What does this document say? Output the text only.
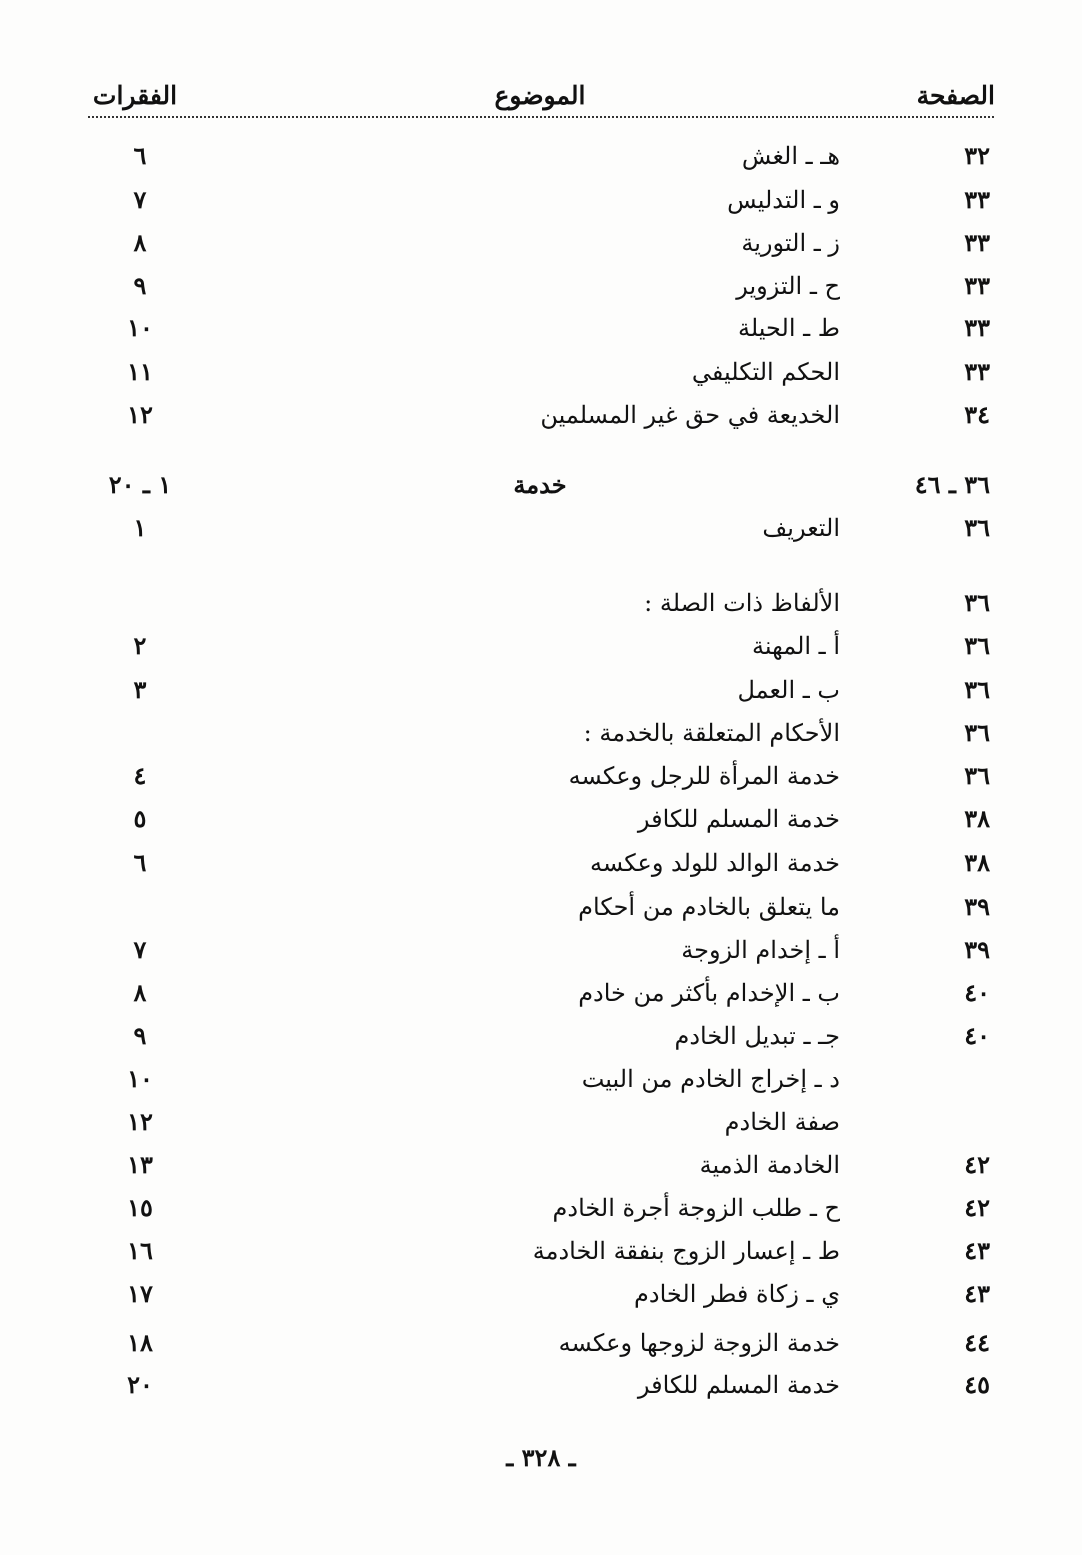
الصفحة
الموضوع
الفقرات
٣٢
هـ ـ الغش
٦
٣٣
و ـ التدليس
٧
٣٣
ز ـ التورية
٨
٣٣
ح ـ التزوير
٩
٣٣
ط ـ الحيلة
١٠
٣٣
الحكم التكليفي
١١
٣٤
الخديعة في حق غير المسلمين
١٢
٣٦ ـ ٤٦
خدمة
١ ـ ٢٠
٣٦
التعريف
١
٣٦
الألفاظ ذات الصلة :
٣٦
أ ـ المهنة
٢
٣٦
ب ـ العمل
٣
٣٦
الأحكام المتعلقة بالخدمة :
٣٦
خدمة المرأة للرجل وعكسه
٤
٣٨
خدمة المسلم للكافر
٥
٣٨
خدمة الوالد للولد وعكسه
٦
٣٩
ما يتعلق بالخادم من أحكام
٣٩
أ ـ إخدام الزوجة
٧
٤٠
ب ـ الإخدام بأكثر من خادم
٨
٤٠
جـ ـ تبديل الخادم
٩
د ـ إخراج الخادم من البيت
١٠
صفة الخادم
١٢
٤٢
الخادمة الذمية
١٣
٤٢
ح ـ طلب الزوجة أجرة الخادم
١٥
٤٣
ط ـ إعسار الزوج بنفقة الخادمة
١٦
٤٣
ي ـ زكاة فطر الخادم
١٧
٤٤
خدمة الزوجة لزوجها وعكسه
١٨
٤٥
خدمة المسلم للكافر
٢٠
ـ ٣٢٨ ـ
